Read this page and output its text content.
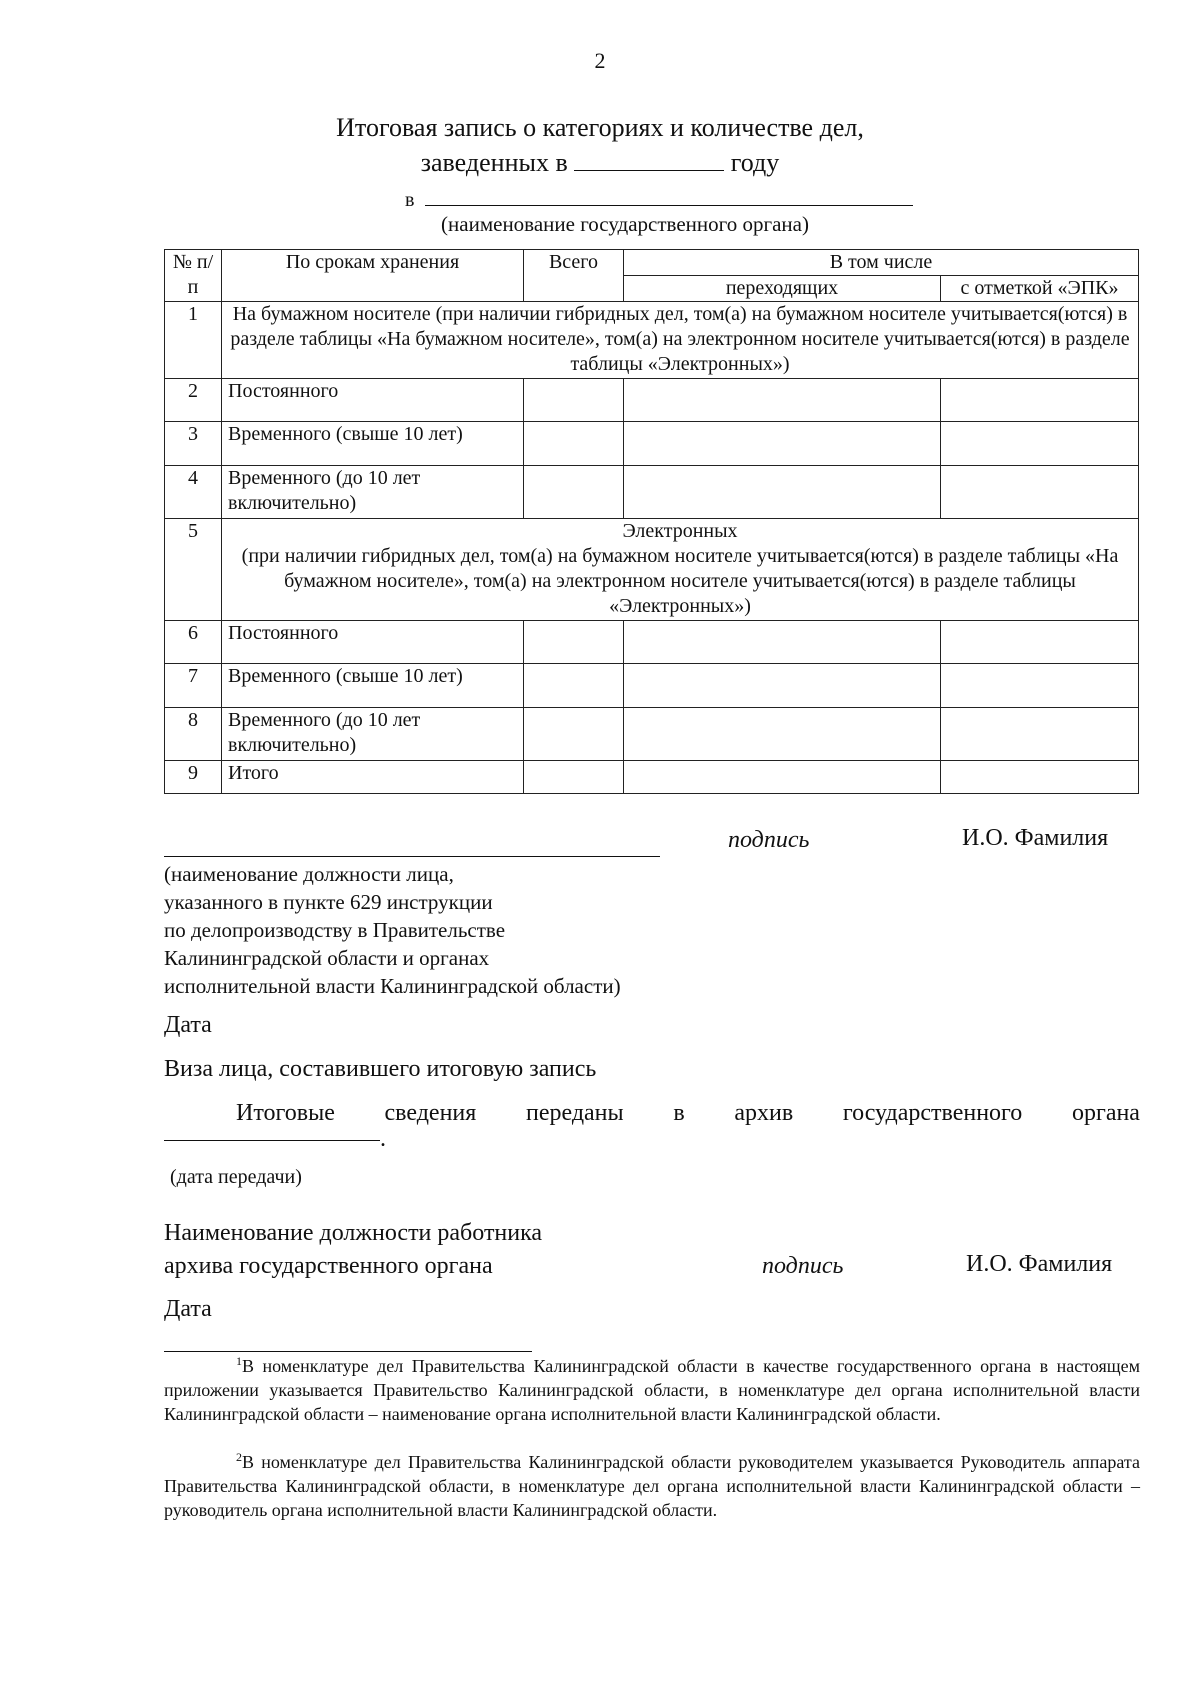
2
Итоговая запись о категориях и количестве дел,
заведенных в	году
в
(наименование государственного органа)
№ п/п	По срокам хранения	Всего	В том числе	
			переходящих	с отметкой «ЭПК»
1	На бумажном носителе (при наличии гибридных дел, том(а) на бумажном носителе учитывается(ются) в разделе таблицы «На бумажном носителе», том(а) на электронном носителе учитывается(ются) в разделе таблицы «Электронных»)			
2	Постоянного			
3	Временного (свыше 10 лет)			
4	Временного (до 10 лет включительно)			
5	Электронных
(при наличии гибридных дел, том(а) на бумажном носителе учитывается(ются) в разделе таблицы «На бумажном носителе», том(а) на электронном носителе учитывается(ются) в разделе таблицы «Электронных»)			

6	Постоянного			
7	Временного (свыше 10 лет)			
8	Временного (до 10 лет включительно)			
9	Итого			
подпись	И.О. Фамилия
(наименование должности лица,
указанного в пункте 629 инструкции
по делопроизводству в Правительстве
Калининградской области и органах
исполнительной власти Калининградской области)
Дата
Виза лица, составившего итоговую запись
Итоговые сведения переданы в архив государственного органа
.
(дата передачи)
Наименование должности работника
архива государственного органа	подпись	И.О. Фамилия
Дата
$^1$В номенклатуре дел Правительства Калининградской области в качестве государственного органа в настоящем приложении указывается Правительство Калининградской области, в номенклатуре дел органа исполнительной власти Калининградской области – наименование органа исполнительной власти Калининградской области.
$^2$В номенклатуре дел Правительства Калининградской области руководителем указывается Руководитель аппарата Правительства Калининградской области, в номенклатуре дел органа исполнительной власти Калининградской области – руководитель органа исполнительной власти Калининградской области.
